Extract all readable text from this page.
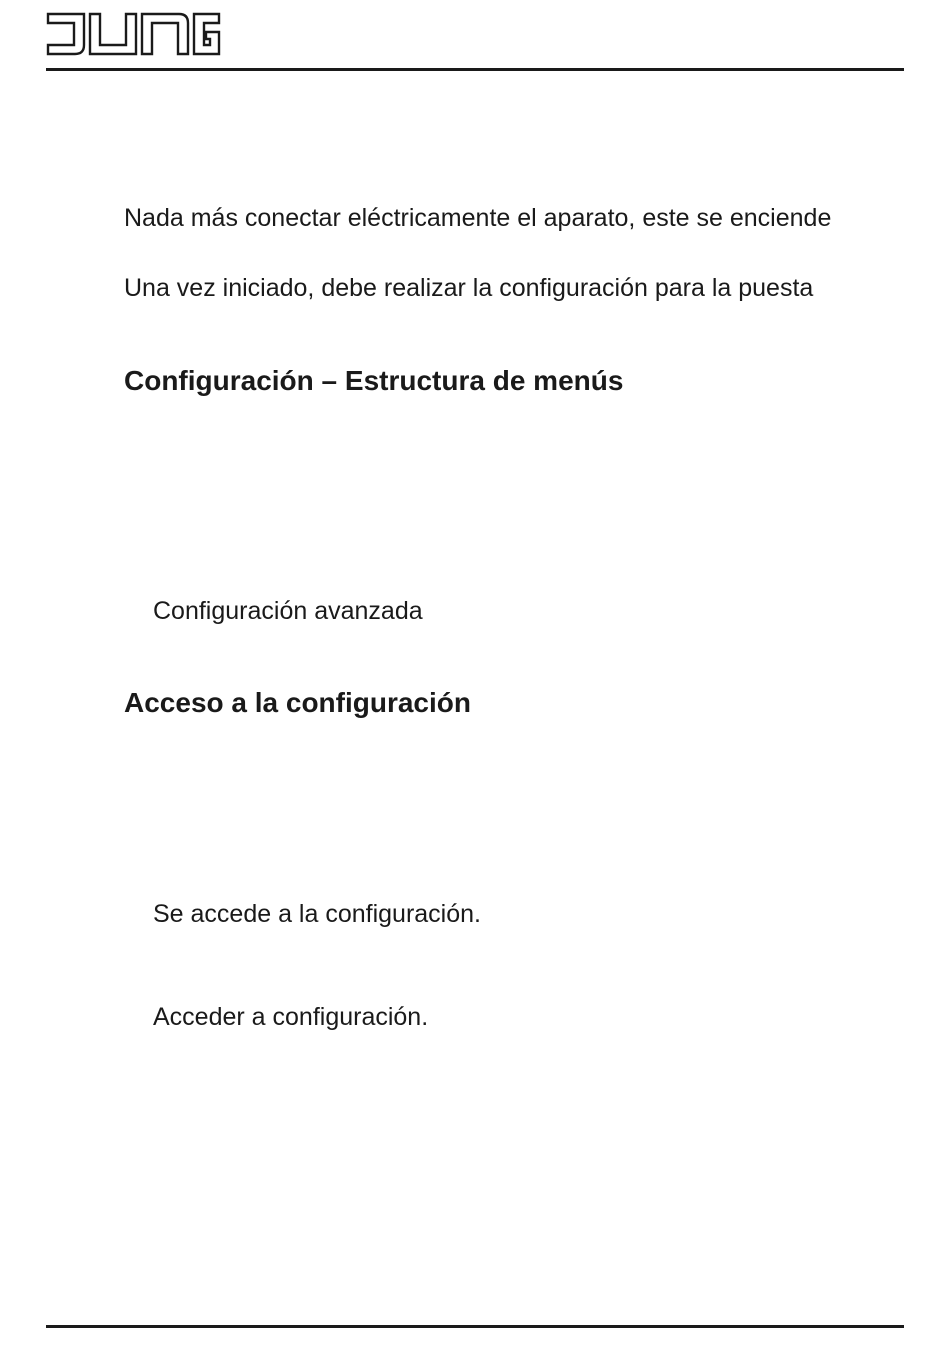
Nada más conectar eléctricamente el aparato, este se enciende
Una vez iniciado, debe realizar la configuración para la puesta
Configuración – Estructura de menús
Configuración avanzada
Acceso a la configuración
Se accede a la configuración.
Acceder a configuración.
